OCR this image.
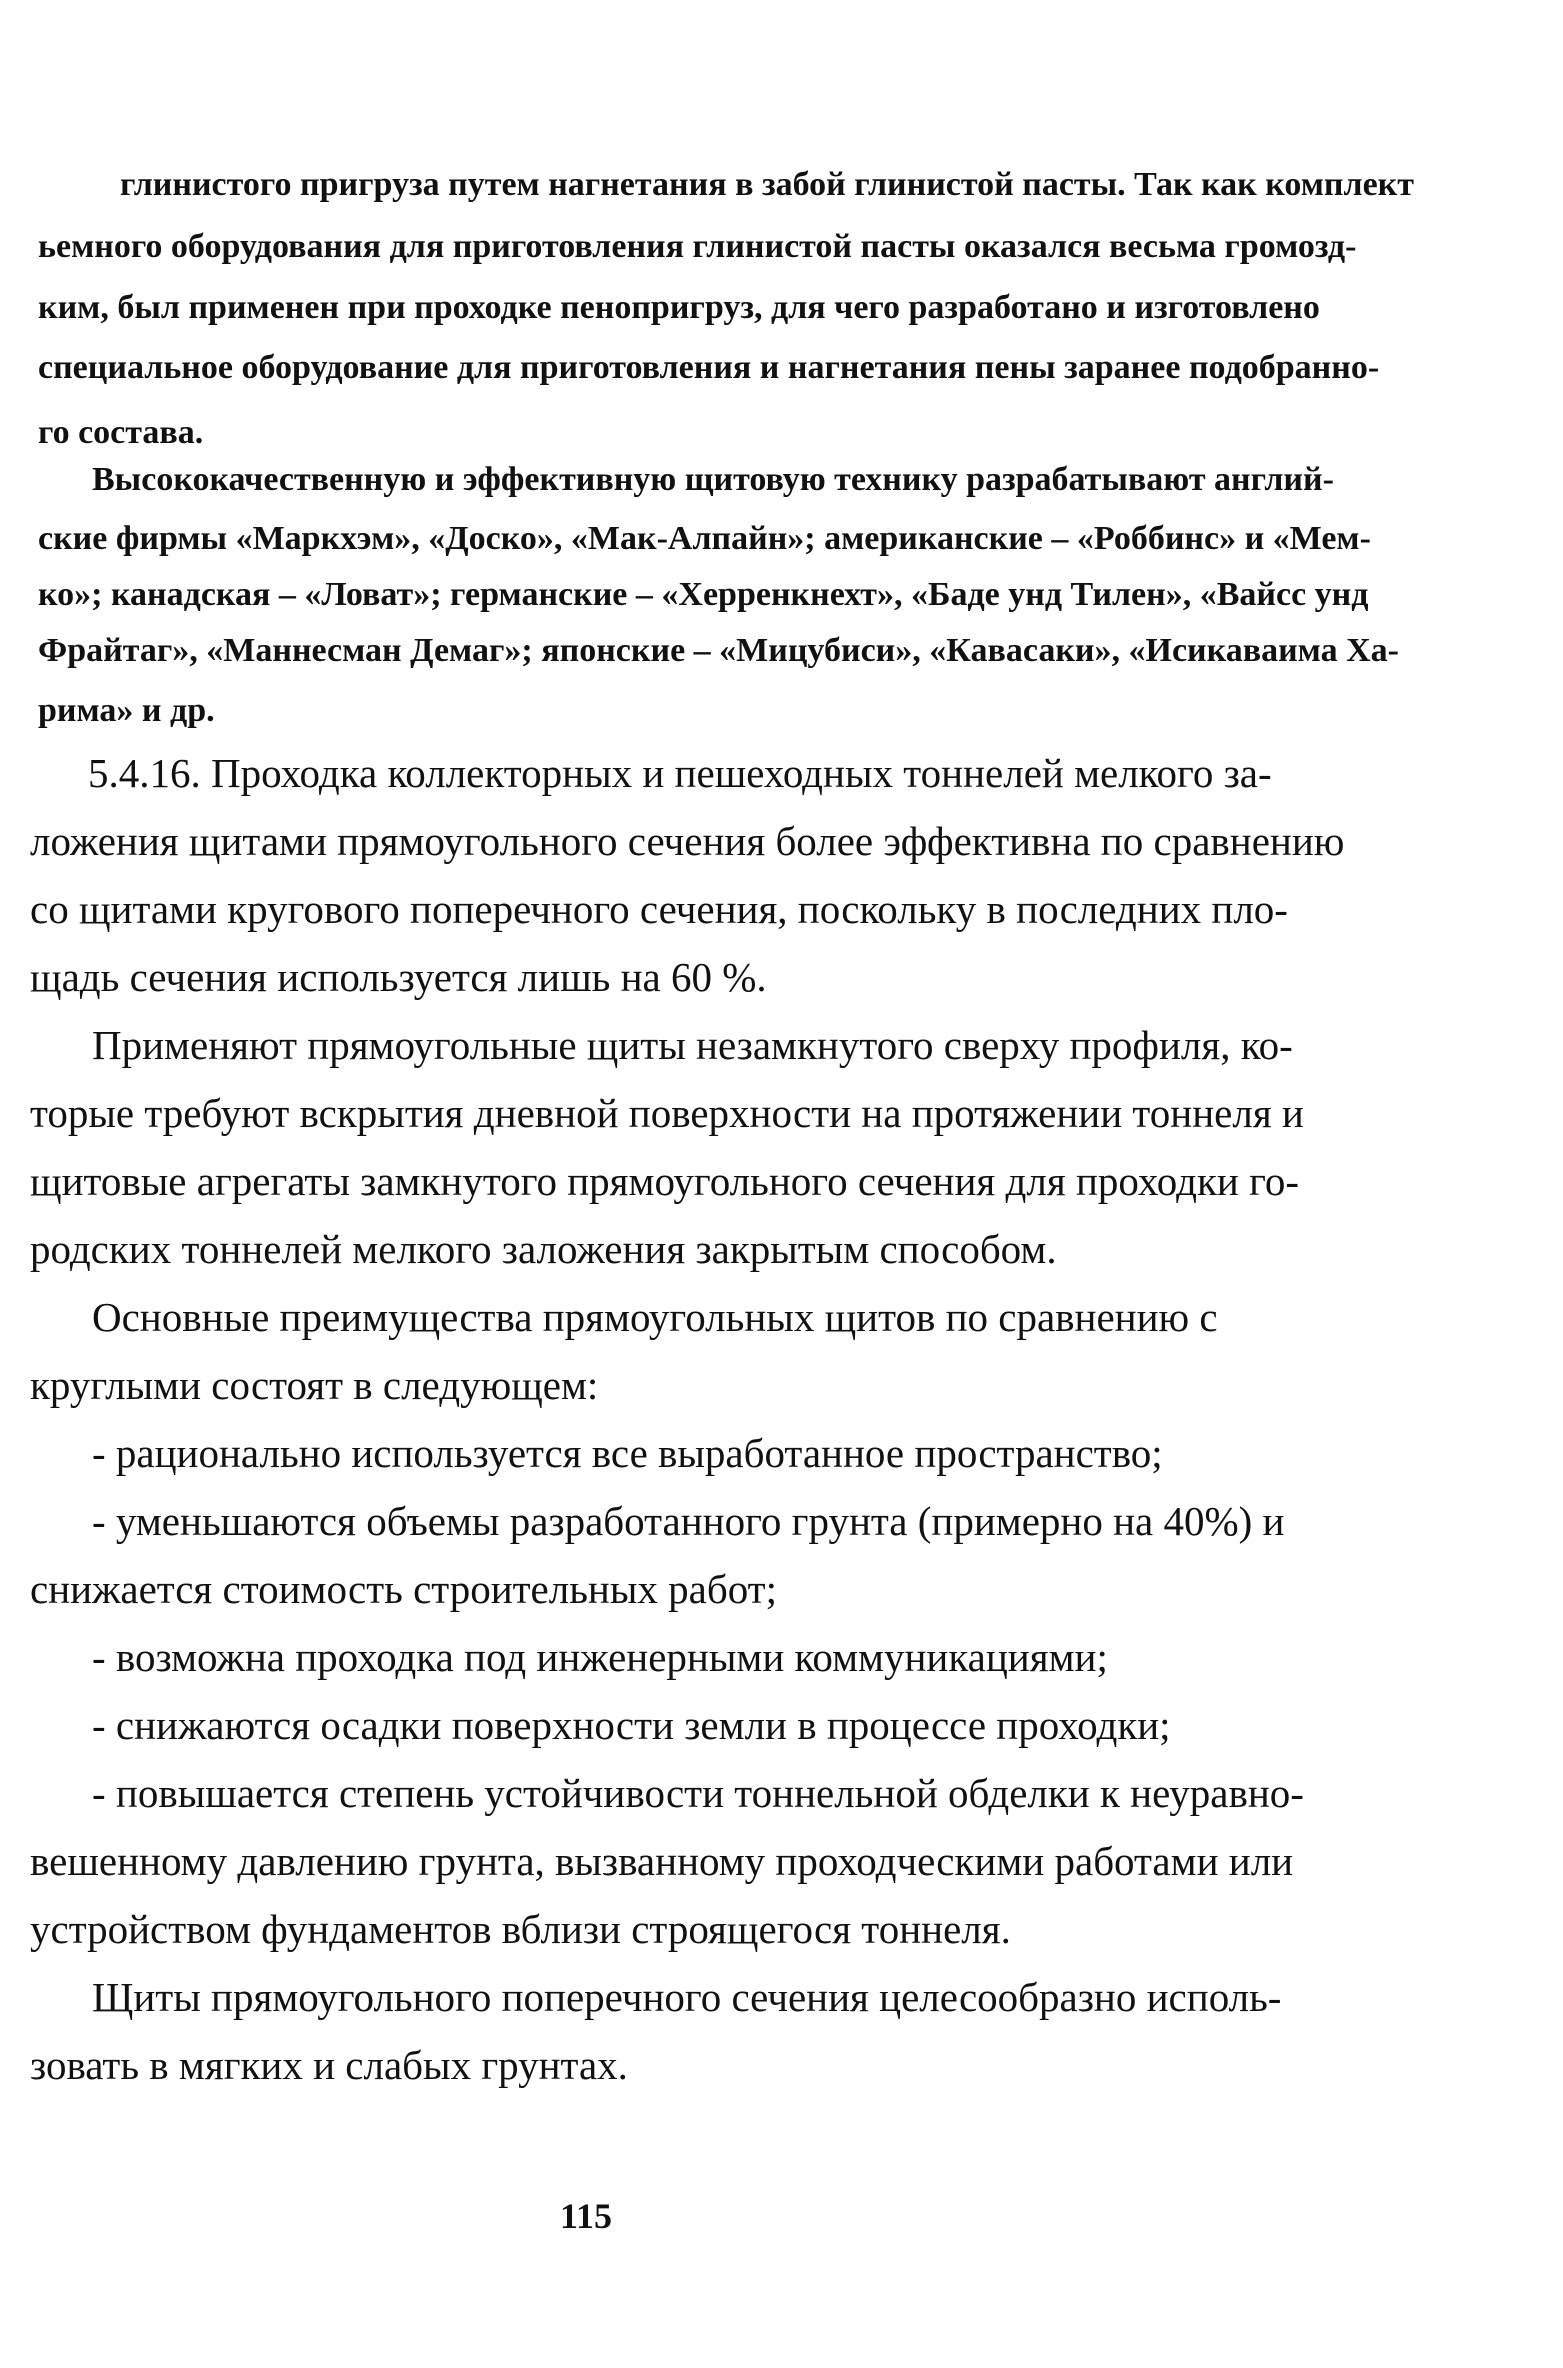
глинистого пригруза путем нагнетания в забой глинистой пасты. Так как комплект
ьемного оборудования для приготовления глинистой пасты оказался весьма громозд-
ким, был применен при проходке пенопригруз, для чего разработано и изготовлено
специальное оборудование для приготовления и нагнетания пены заранее подобранно-
го состава.
Высококачественную и эффективную щитовую технику разрабатывают англий-
ские фирмы «Маркхэм», «Доско», «Мак-Алпайн»; американские – «Роббинс» и «Мем-
ко»; канадская – «Ловат»; германские – «Херренкнехт», «Баде унд Тилен», «Вайсс унд
Фрайтаг», «Маннесман Демаг»; японские – «Мицубиси», «Кавасаки», «Исикаваима Ха-
рима» и др.
5.4.16. Проходка коллекторных и пешеходных тоннелей мелкого за-
ложения щитами прямоугольного сечения более эффективна по сравнению
со щитами кругового поперечного сечения, поскольку в последних пло-
щадь сечения используется лишь на 60 %.
Применяют прямоугольные щиты незамкнутого сверху профиля, ко-
торые требуют вскрытия дневной поверхности на протяжении тоннеля и
щитовые агрегаты замкнутого прямоугольного сечения для проходки го-
родских тоннелей мелкого заложения закрытым способом.
Основные преимущества прямоугольных щитов по сравнению с
круглыми состоят в следующем:
- рационально используется все выработанное пространство;
- уменьшаются объемы разработанного грунта (примерно на 40%) и
снижается стоимость строительных работ;
- возможна проходка под инженерными коммуникациями;
- снижаются осадки поверхности земли в процессе проходки;
- повышается степень устойчивости тоннельной обделки к неуравно-
вешенному давлению грунта, вызванному проходческими работами или
устройством фундаментов вблизи строящегося тоннеля.
Щиты прямоугольного поперечного сечения целесообразно исполь-
зовать в мягких и слабых грунтах.
115
